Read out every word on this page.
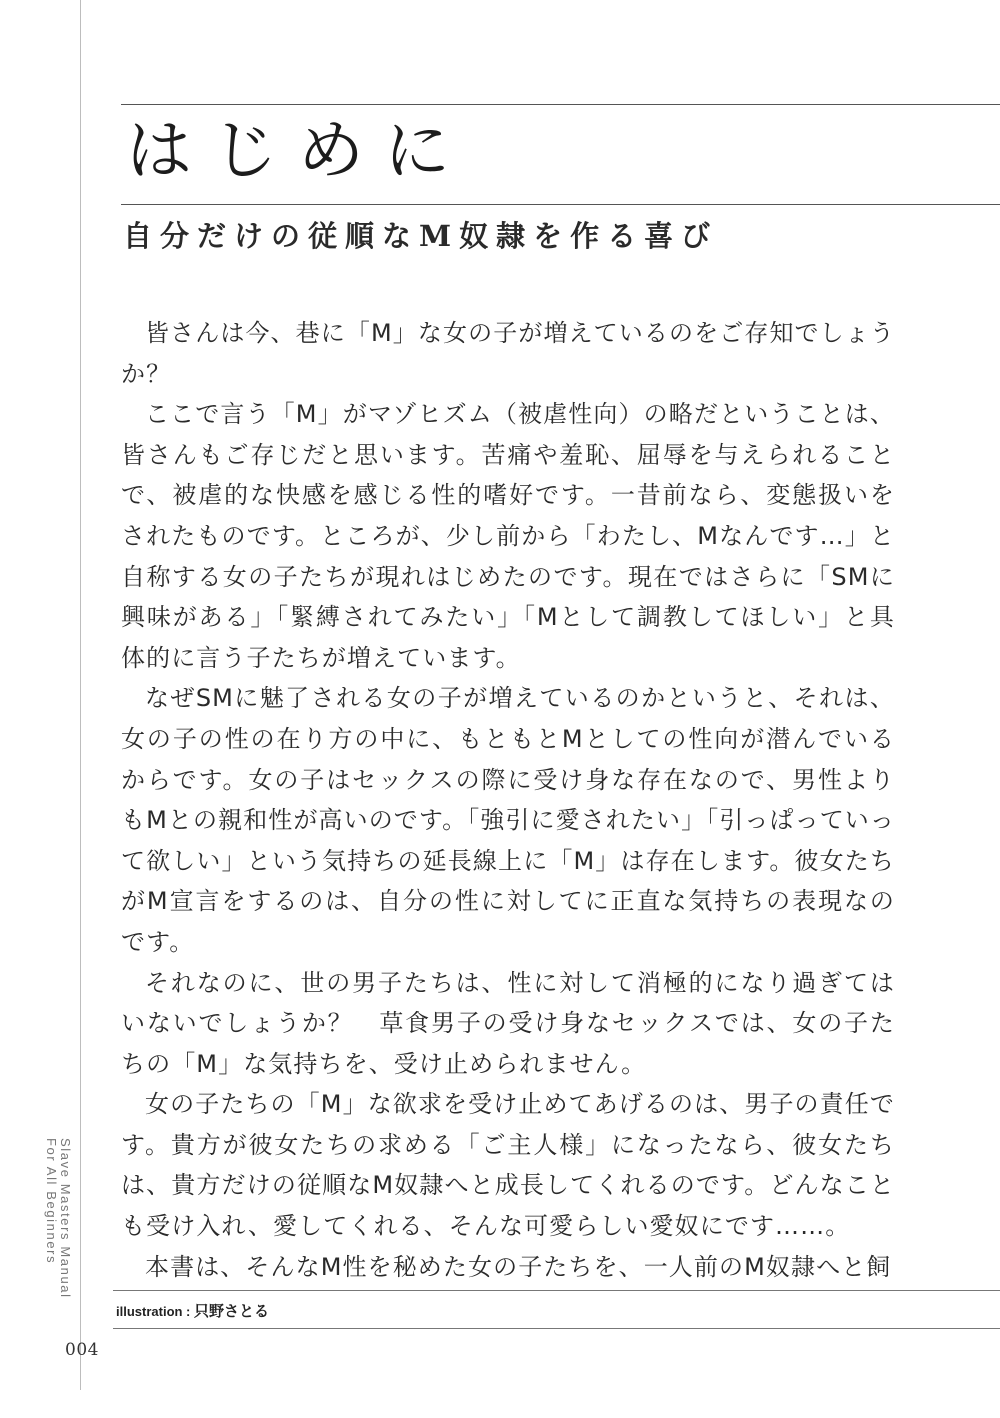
はじめに
自分だけの従順なM奴隷を作る喜び

皆さんは今、巷に「M」な女の子が増えているのをご存知でしょうか？

ここで言う「M」がマゾヒズム（被虐性向）の略だということは、皆さんもご存じだと思います。苦痛や羞恥、屈辱を与えられることで、被虐的な快感を感じる性的嗜好です。一昔前なら、変態扱いをされたものです。ところが、少し前から「わたし、Mなんです…」と自称する女の子たちが現れはじめたのです。現在ではさらに「SMに興味がある」「緊縛されてみたい」「Mとして調教してほしい」と具体的に言う子たちが増えています。

なぜSMに魅了される女の子が増えているのかというと、それは、女の子の性の在り方の中に、もともとMとしての性向が潜んでいるからです。女の子はセックスの際に受け身な存在なので、男性よりもMとの親和性が高いのです。「強引に愛されたい」「引っぱっていって欲しい」という気持ちの延長線上に「M」は存在します。彼女たちがM宣言をするのは、自分の性に対してに正直な気持ちの表現なのです。

それなのに、世の男子たちは、性に対して消極的になり過ぎてはいないでしょうか？　草食男子の受け身なセックスでは、女の子たちの「M」な気持ちを、受け止められません。

女の子たちの「M」な欲求を受け止めてあげるのは、男子の責任です。貴方が彼女たちの求める「ご主人様」になったなら、彼女たちは、貴方だけの従順なM奴隷へと成長してくれるのです。どんなことも受け入れ、愛してくれる、そんな可愛らしい愛奴にです……。

本書は、そんなM性を秘めた女の子たちを、一人前のM奴隷へと飼

Slave Masters Manual
For All Beginners
illustration : 只野さとる
004
